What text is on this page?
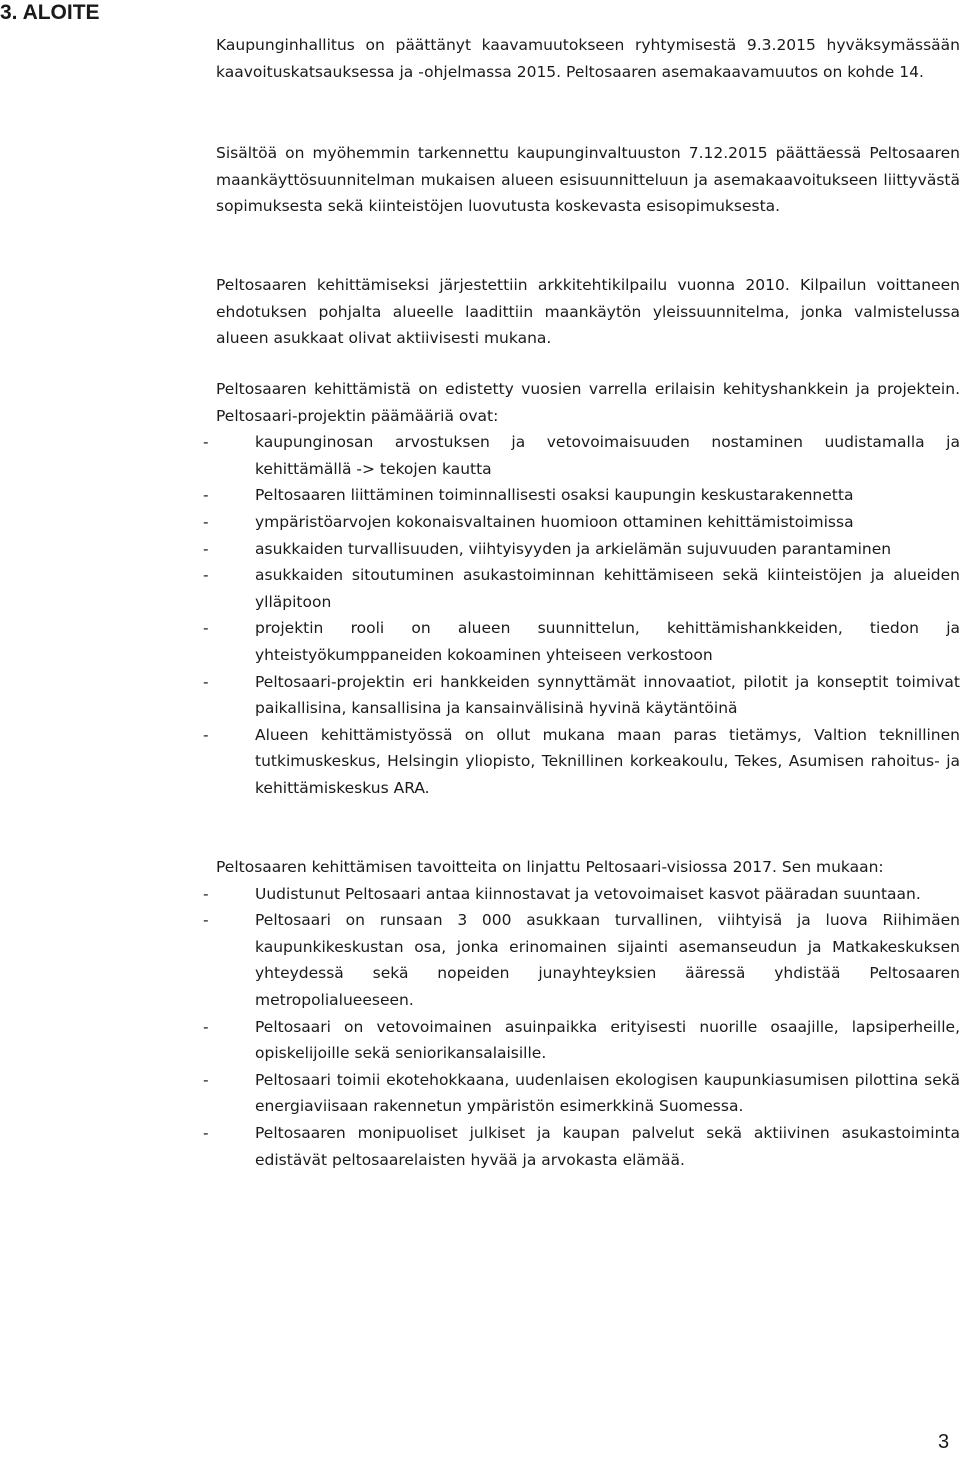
3. ALOITE

Kaupunginhallitus on päättänyt kaavamuutokseen ryhtymisestä 9.3.2015 hyväksymässään kaavoituskatsauksessa ja -ohjelmassa 2015. Peltosaaren asemakaavamuutos on kohde 14.

Sisältöä on myöhemmin tarkennettu kaupunginvaltuuston 7.12.2015 päättäessä Peltosaaren maankäyttösuunnitelman mukaisen alueen esisuunnitteluun ja asemakaavoitukseen liittyvästä sopimuksesta sekä kiinteistöjen luovutusta koskevasta esisopimuksesta.

Peltosaaren kehittämiseksi järjestettiin arkkitehtikilpailu vuonna 2010. Kilpailun voittaneen ehdotuksen pohjalta alueelle laadittiin maankäytön yleissuunnitelma, jonka valmistelussa alueen asukkaat olivat aktiivisesti mukana.

Peltosaaren kehittämistä on edistetty vuosien varrella erilaisin kehityshankkein ja projektein. Peltosaari-projektin päämääriä ovat:

- kaupunginosan arvostuksen ja vetovoimaisuuden nostaminen uudistamalla ja kehittämällä -> tekojen kautta
- Peltosaaren liittäminen toiminnallisesti osaksi kaupungin keskustarakennetta
- ympäristöarvojen kokonaisvaltainen huomioon ottaminen kehittämistoimissa
- asukkaiden turvallisuuden, viihtyisyyden ja arkielämän sujuvuuden parantaminen
- asukkaiden sitoutuminen asukastoiminnan kehittämiseen sekä kiinteistöjen ja alueiden ylläpitoon
- projektin rooli on alueen suunnittelun, kehittämishankkeiden, tiedon ja yhteistyökumppaneiden kokoaminen yhteiseen verkostoon
- Peltosaari-projektin eri hankkeiden synnyttämät innovaatiot, pilotit ja konseptit toimivat paikallisina, kansallisina ja kansainvälisinä hyvinä käytäntöinä
- Alueen kehittämistyössä on ollut mukana maan paras tietämys, Valtion teknillinen tutkimuskeskus, Helsingin yliopisto, Teknillinen korkeakoulu, Tekes, Asumisen rahoitus- ja kehittämiskeskus ARA.

Peltosaaren kehittämisen tavoitteita on linjattu Peltosaari-visiossa 2017. Sen mukaan:

- Uudistunut Peltosaari antaa kiinnostavat ja vetovoimaiset kasvot pääradan suuntaan.
- Peltosaari on runsaan 3 000 asukkaan turvallinen, viihtyisä ja luova Riihimäen kaupunkikeskustan osa, jonka erinomainen sijainti asemanseudun ja Matkakeskuksen yhteydessä sekä nopeiden junayhteyksien ääressä yhdistää Peltosaaren metropolialueeseen.
- Peltosaari on vetovoimainen asuinpaikka erityisesti nuorille osaajille, lapsiperheille, opiskelijoille sekä seniorikansalaisille.
- Peltosaari toimii ekotehokkaana, uudenlaisen ekologisen kaupunkiasumisen pilottina sekä energiaviisaan rakennetun ympäristön esimerkkinä Suomessa.
- Peltosaaren monipuoliset julkiset ja kaupan palvelut sekä aktiivinen asukastoiminta edistävät peltosaarelaisten hyvää ja arvokasta elämää.
3
